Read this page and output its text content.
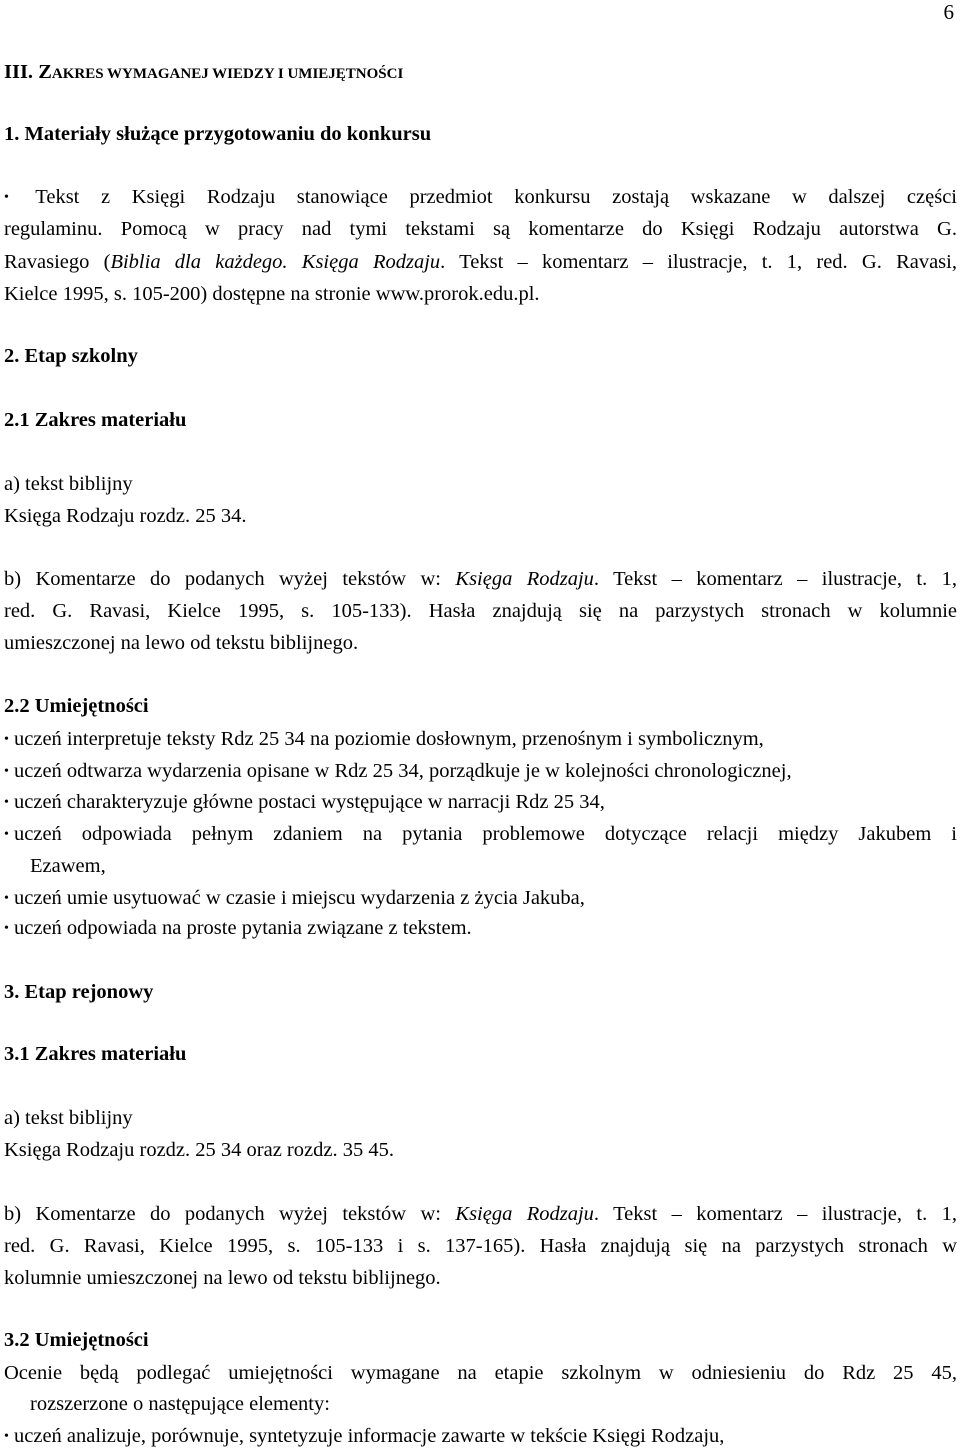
6
III. ZAKRES WYMAGANEJ WIEDZY I UMIEJĘTNOŚCI
1. Materiały służące przygotowaniu do konkursu
• Tekst z Księgi Rodzaju stanowiące przedmiot konkursu zostają wskazane w dalszej części
regulaminu. Pomocą w pracy nad tymi tekstami są komentarze do Księgi Rodzaju autorstwa G.
Ravasiego (Biblia dla każdego. Księga Rodzaju. Tekst – komentarz – ilustracje, t. 1, red. G. Ravasi,
Kielce 1995, s. 105-200) dostępne na stronie www.prorok.edu.pl.
2. Etap szkolny
2.1 Zakres materiału
a) tekst biblijny
Księga Rodzaju rozdz. 25 34.
b) Komentarze do podanych wyżej tekstów w: Księga Rodzaju. Tekst – komentarz – ilustracje, t. 1,
red. G. Ravasi, Kielce 1995, s. 105-133). Hasła znajdują się na parzystych stronach w kolumnie
umieszczonej na lewo od tekstu biblijnego.
2.2 Umiejętności
• uczeń interpretuje teksty Rdz 25 34 na poziomie dosłownym, przenośnym i symbolicznym,
• uczeń odtwarza wydarzenia opisane w Rdz 25 34, porządkuje je w kolejności chronologicznej,
• uczeń charakteryzuje główne postaci występujące w narracji Rdz 25 34,
• uczeń odpowiada pełnym zdaniem na pytania problemowe dotyczące relacji między Jakubem i
Ezawem,
• uczeń umie usytuować w czasie i miejscu wydarzenia z życia Jakuba,
• uczeń odpowiada na proste pytania związane z tekstem.
3. Etap rejonowy
3.1 Zakres materiału
a) tekst biblijny
Księga Rodzaju rozdz. 25 34 oraz rozdz. 35 45.
b) Komentarze do podanych wyżej tekstów w: Księga Rodzaju. Tekst – komentarz – ilustracje, t. 1,
red. G. Ravasi, Kielce 1995, s. 105-133 i s. 137-165). Hasła znajdują się na parzystych stronach w
kolumnie umieszczonej na lewo od tekstu biblijnego.
3.2 Umiejętności
Ocenie będą podlegać umiejętności wymagane na etapie szkolnym w odniesieniu do Rdz 25 45,
rozszerzone o następujące elementy:
• uczeń analizuje, porównuje, syntetyzuje informacje zawarte w tekście Księgi Rodzaju,
